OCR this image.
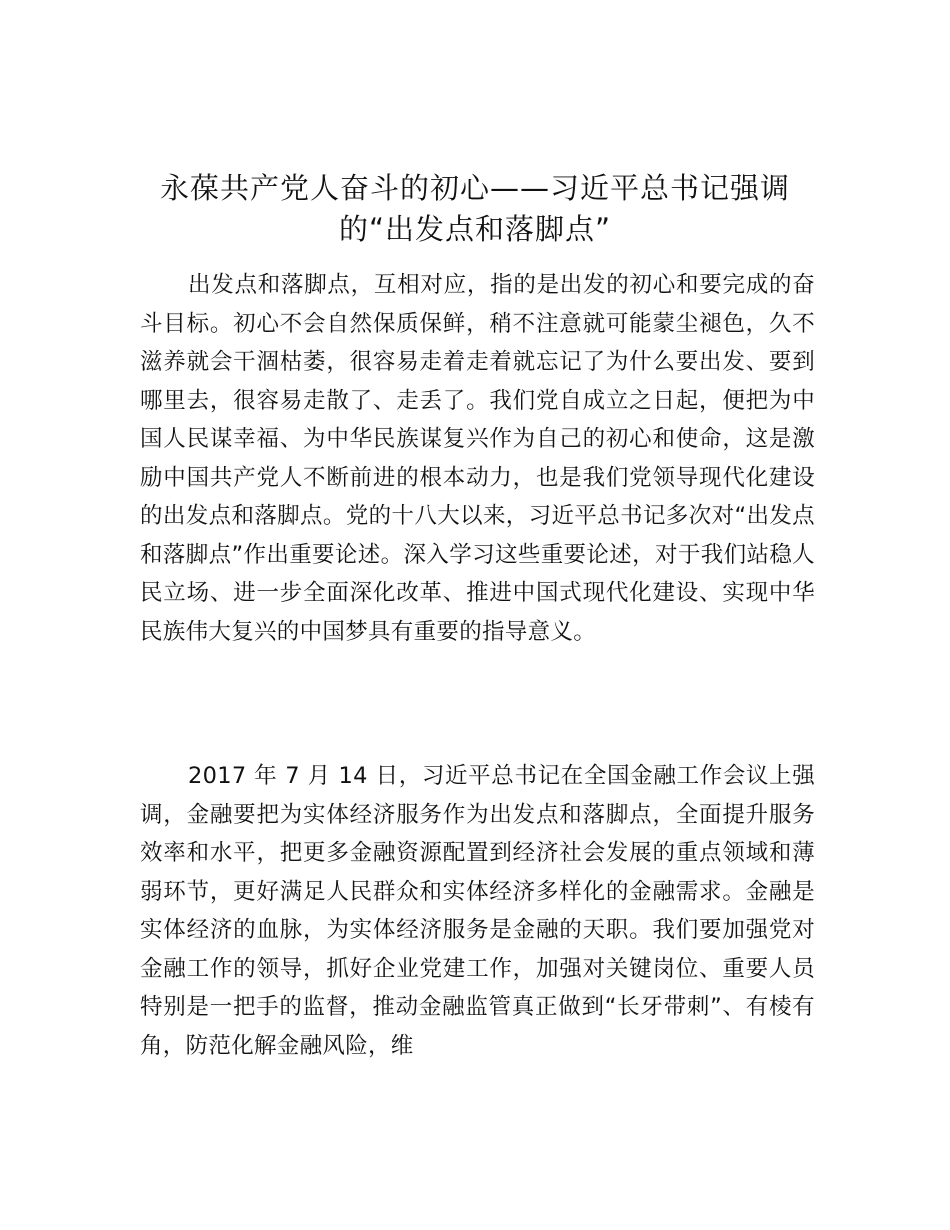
永葆共产党人奋斗的初心——习近平总书记强调的“出发点和落脚点”

出发点和落脚点，互相对应，指的是出发的初心和要完成的奋斗目标。初心不会自然保质保鲜，稍不注意就可能蒙尘褪色，久不滋养就会干涸枯萎，很容易走着走着就忘记了为什么要出发、要到哪里去，很容易走散了、走丢了。我们党自成立之日起，便把为中国人民谋幸福、为中华民族谋复兴作为自己的初心和使命，这是激励中国共产党人不断前进的根本动力，也是我们党领导现代化建设的出发点和落脚点。党的十八大以来，习近平总书记多次对“出发点和落脚点”作出重要论述。深入学习这些重要论述，对于我们站稳人民立场、进一步全面深化改革、推进中国式现代化建设、实现中华民族伟大复兴的中国梦具有重要的指导意义。

2017 年 7 月 14 日，习近平总书记在全国金融工作会议上强调，金融要把为实体经济服务作为出发点和落脚点，全面提升服务效率和水平，把更多金融资源配置到经济社会发展的重点领域和薄弱环节，更好满足人民群众和实体经济多样化的金融需求。金融是实体经济的血脉，为实体经济服务是金融的天职。我们要加强党对金融工作的领导，抓好企业党建工作，加强对关键岗位、重要人员特别是一把手的监督，推动金融监管真正做到“长牙带刺”、有棱有角，防范化解金融风险，维
